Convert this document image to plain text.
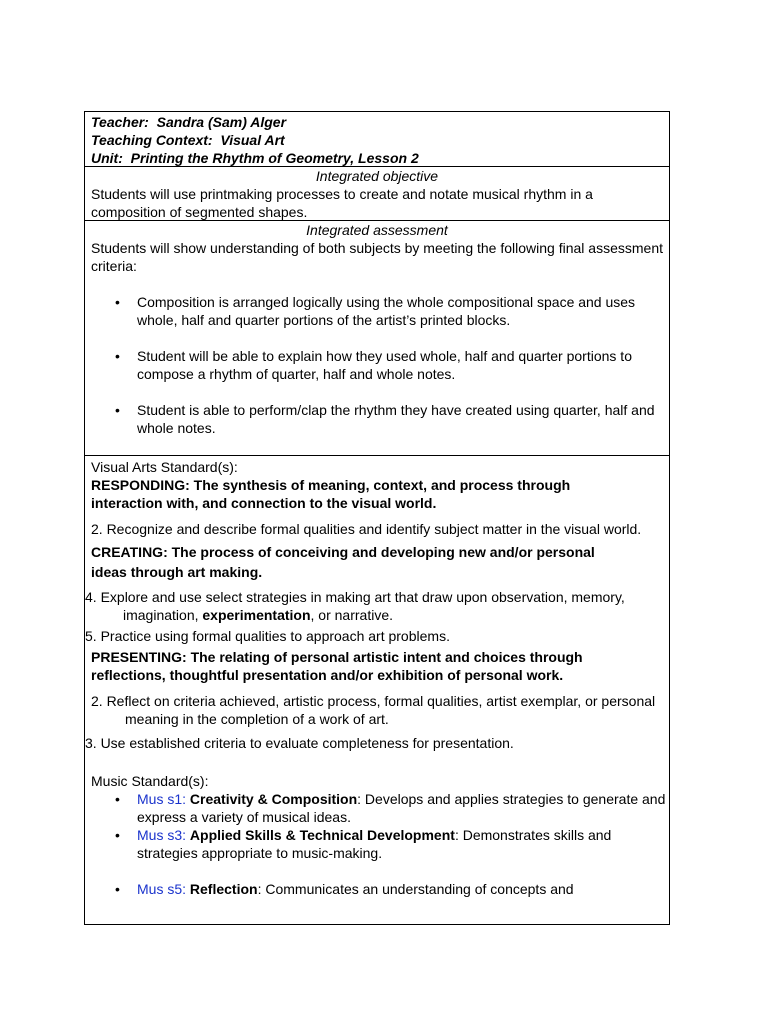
Teacher: Sandra (Sam) Alger
Teaching Context: Visual Art
Unit: Printing the Rhythm of Geometry, Lesson 2
Integrated objective
Students will use printmaking processes to create and notate musical rhythm in a composition of segmented shapes.
Integrated assessment
Students will show understanding of both subjects by meeting the following final assessment criteria:
• Composition is arranged logically using the whole compositional space and uses whole, half and quarter portions of the artist’s printed blocks.
• Student will be able to explain how they used whole, half and quarter portions to compose a rhythm of quarter, half and whole notes.
• Student is able to perform/clap the rhythm they have created using quarter, half and whole notes.
Visual Arts Standard(s):
RESPONDING: The synthesis of meaning, context, and process through interaction with, and connection to the visual world.
2. Recognize and describe formal qualities and identify subject matter in the visual world.
CREATING: The process of conceiving and developing new and/or personal ideas through art making.
4. Explore and use select strategies in making art that draw upon observation, memory, imagination, experimentation, or narrative.
5. Practice using formal qualities to approach art problems.
PRESENTING: The relating of personal artistic intent and choices through reflections, thoughtful presentation and/or exhibition of personal work.
2. Reflect on criteria achieved, artistic process, formal qualities, artist exemplar, or personal meaning in the completion of a work of art.
3. Use established criteria to evaluate completeness for presentation.
Music Standard(s):
• Mus s1: Creativity & Composition: Develops and applies strategies to generate and express a variety of musical ideas.
• Mus s3: Applied Skills & Technical Development: Demonstrates skills and strategies appropriate to music-making.
• Mus s5: Reflection: Communicates an understanding of concepts and
